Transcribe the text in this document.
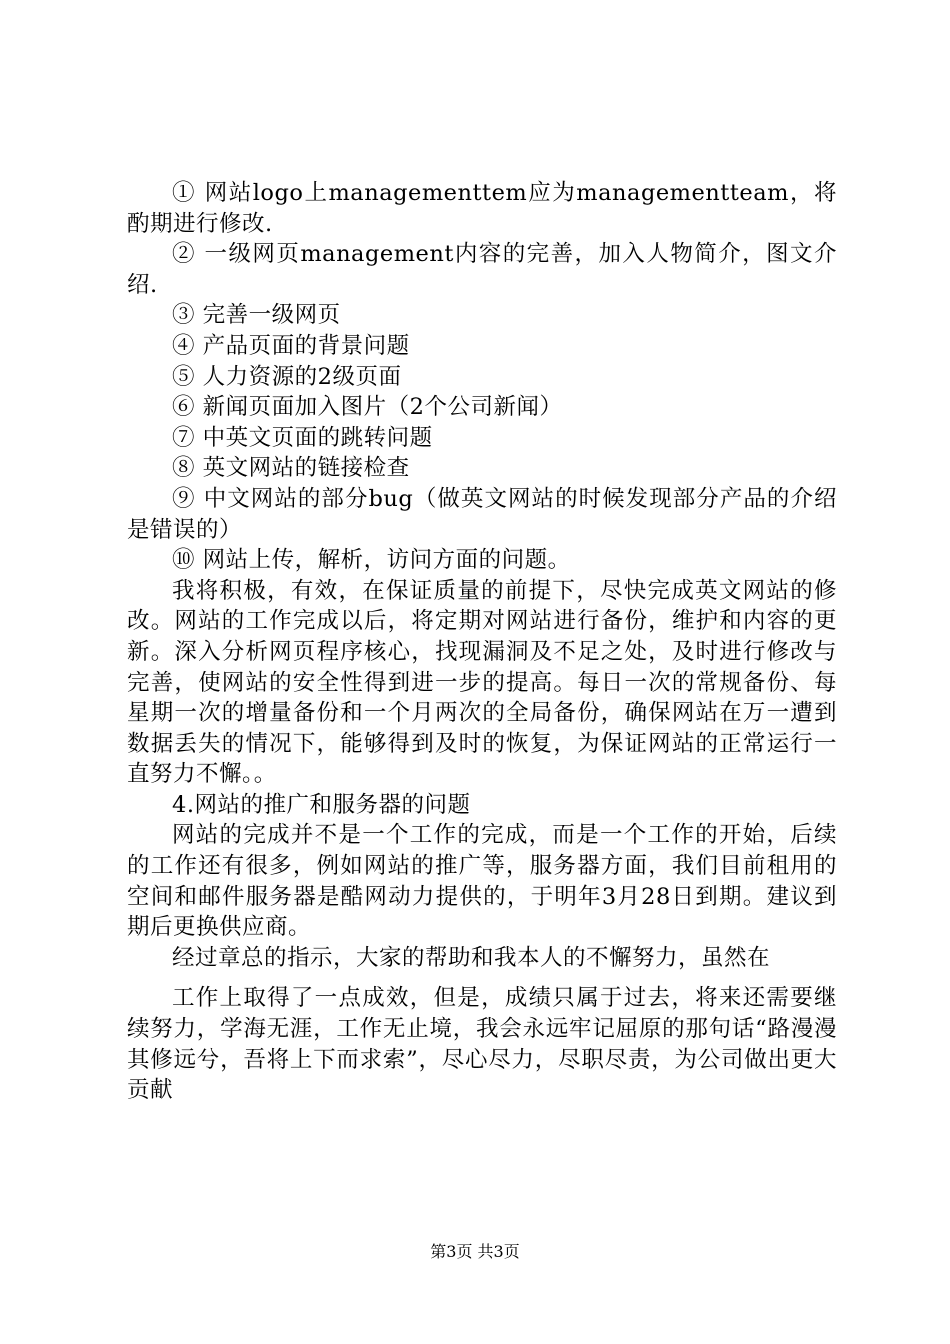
① 网站logo上managementtem应为managementteam，将酌期进行修改.

② 一级网页management内容的完善，加入人物简介，图文介绍.

③ 完善一级网页

④ 产品页面的背景问题

⑤ 人力资源的2级页面

⑥ 新闻页面加入图片（2个公司新闻）

⑦ 中英文页面的跳转问题

⑧ 英文网站的链接检查

⑨ 中文网站的部分bug（做英文网站的时候发现部分产品的介绍是错误的）

⑩ 网站上传，解析，访问方面的问题。

我将积极，有效，在保证质量的前提下，尽快完成英文网站的修改。网站的工作完成以后，将定期对网站进行备份，维护和内容的更新。深入分析网页程序核心，找现漏洞及不足之处，及时进行修改与完善，使网站的安全性得到进一步的提高。每日一次的常规备份、每星期一次的增量备份和一个月两次的全局备份，确保网站在万一遭到数据丢失的情况下，能够得到及时的恢复，为保证网站的正常运行一直努力不懈。。

4.网站的推广和服务器的问题

网站的完成并不是一个工作的完成，而是一个工作的开始，后续的工作还有很多，例如网站的推广等，服务器方面，我们目前租用的空间和邮件服务器是酷网动力提供的，于明年3月28日到期。建议到期后更换供应商。

经过章总的指示，大家的帮助和我本人的不懈努力，虽然在

工作上取得了一点成效，但是，成绩只属于过去，将来还需要继续努力，学海无涯，工作无止境，我会永远牢记屈原的那句话“路漫漫其修远兮，吾将上下而求索”，尽心尽力，尽职尽责，为公司做出更大贡献

第3页 共3页
